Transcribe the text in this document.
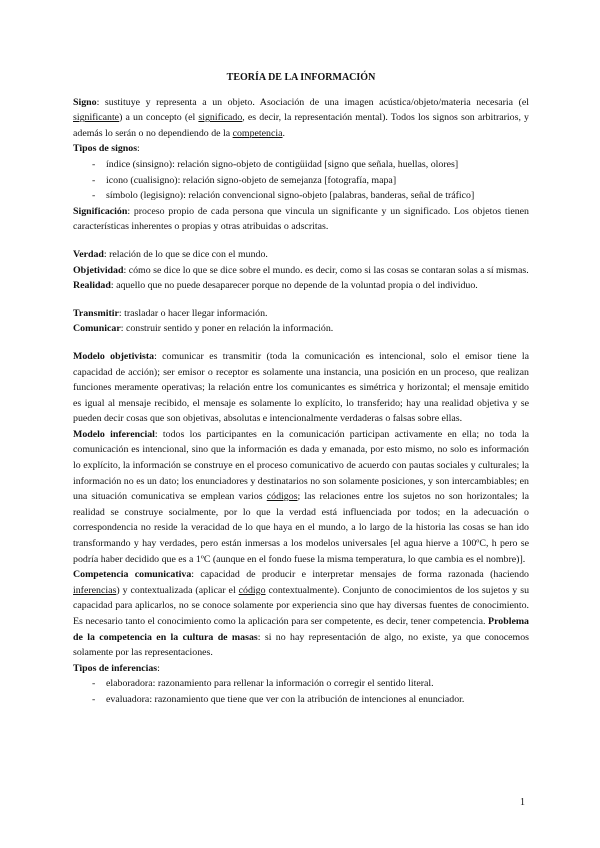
TEORÍA DE LA INFORMACIÓN

Signo: sustituye y representa a un objeto. Asociación de una imagen acústica/objeto/materia necesaria (el significante) a un concepto (el significado, es decir, la representación mental). Todos los signos son arbitrarios, y además lo serán o no dependiendo de la competencia.

Tipos de signos:

- índice (sinsigno): relación signo-objeto de contigüidad [signo que señala, huellas, olores]
- icono (cualisigno): relación signo-objeto de semejanza [fotografía, mapa]
- símbolo (legisigno): relación convencional signo-objeto [palabras, banderas, señal de tráfico]

Significación: proceso propio de cada persona que vincula un significante y un significado. Los objetos tienen características inherentes o propias y otras atribuidas o adscritas.

Verdad: relación de lo que se dice con el mundo.

Objetividad: cómo se dice lo que se dice sobre el mundo. es decir, como si las cosas se contaran solas a sí mismas.

Realidad: aquello que no puede desaparecer porque no depende de la voluntad propia o del individuo.

Transmitir: trasladar o hacer llegar información.

Comunicar: construir sentido y poner en relación la información.

Modelo objetivista: comunicar es transmitir (toda la comunicación es intencional, solo el emisor tiene la capacidad de acción); ser emisor o receptor es solamente una instancia, una posición en un proceso, que realizan funciones meramente operativas; la relación entre los comunicantes es simétrica y horizontal; el mensaje emitido es igual al mensaje recibido, el mensaje es solamente lo explícito, lo transferido; hay una realidad objetiva y se pueden decir cosas que son objetivas, absolutas e intencionalmente verdaderas o falsas sobre ellas.

Modelo inferencial: todos los participantes en la comunicación participan activamente en ella; no toda la comunicación es intencional, sino que la información es dada y emanada, por esto mismo, no solo es información lo explícito, la información se construye en el proceso comunicativo de acuerdo con pautas sociales y culturales; la información no es un dato; los enunciadores y destinatarios no son solamente posiciones, y son intercambiables; en una situación comunicativa se emplean varios códigos; las relaciones entre los sujetos no son horizontales; la realidad se construye socialmente, por lo que la verdad está influenciada por todos; en la adecuación o correspondencia no reside la veracidad de lo que haya en el mundo, a lo largo de la historia las cosas se han ido transformando y hay verdades, pero están inmersas a los modelos universales [el agua hierve a 100ºC, h pero se podría haber decidido que es a 1ºC (aunque en el fondo fuese la misma temperatura, lo que cambia es el nombre)].

Competencia comunicativa: capacidad de producir e interpretar mensajes de forma razonada (haciendo inferencias) y contextualizada (aplicar el código contextualmente). Conjunto de conocimientos de los sujetos y su capacidad para aplicarlos, no se conoce solamente por experiencia sino que hay diversas fuentes de conocimiento. Es necesario tanto el conocimiento como la aplicación para ser competente, es decir, tener competencia. Problema de la competencia en la cultura de masas: si no hay representación de algo, no existe, ya que conocemos solamente por las representaciones.

Tipos de inferencias:

- elaboradora: razonamiento para rellenar la información o corregir el sentido literal.
- evaluadora: razonamiento que tiene que ver con la atribución de intenciones al enunciador.
1
